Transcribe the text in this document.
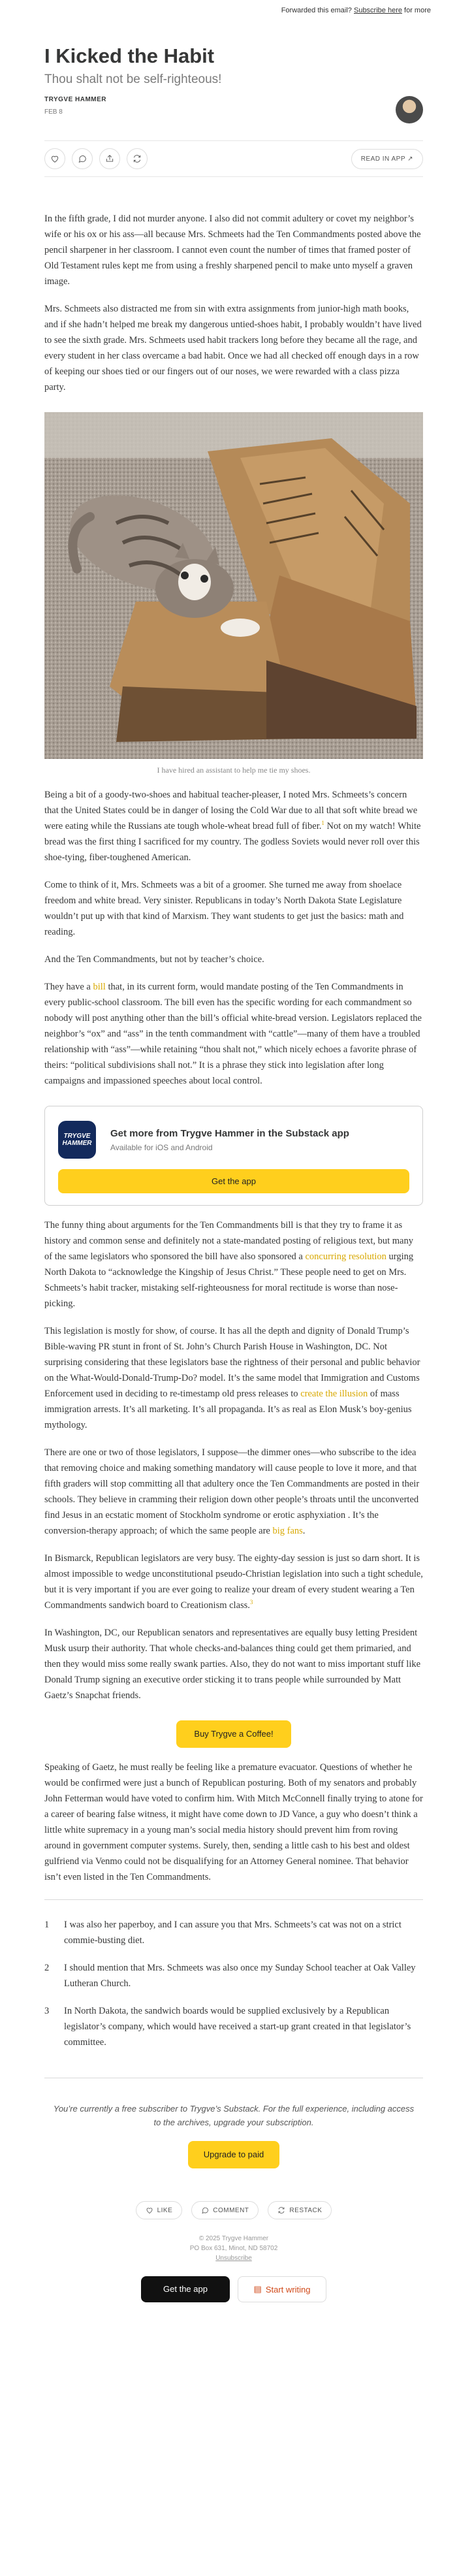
Forwarded this email? Subscribe here for more
I Kicked the Habit
Thou shalt not be self-righteous!
TRYGVE HAMMER
FEB 8
READ IN APP ↗

In the fifth grade, I did not murder anyone. I also did not commit adultery or covet my neighbor’s wife or his ox or his ass—all because Mrs. Schmeets had the Ten Commandments posted above the pencil sharpener in her classroom. I cannot even count the number of times that framed poster of Old Testament rules kept me from using a freshly sharpened pencil to make unto myself a graven image.

Mrs. Schmeets also distracted me from sin with extra assignments from junior-high math books, and if she hadn’t helped me break my dangerous untied-shoes habit, I probably wouldn’t have lived to see the sixth grade. Mrs. Schmeets used habit trackers long before they became all the rage, and every student in her class overcame a bad habit. Once we had all checked off enough days in a row of keeping our shoes tied or our fingers out of our noses, we were rewarded with a class pizza party.

I have hired an assistant to help me tie my shoes.

Being a bit of a goody-two-shoes and habitual teacher-pleaser, I noted Mrs. Schmeets’s concern that the United States could be in danger of losing the Cold War due to all that soft white bread we were eating while the Russians ate tough whole-wheat bread full of fiber.$^1$ Not on my watch! White bread was the first thing I sacrificed for my country. The godless Soviets would never roll over this shoe-tying, fiber-toughened American.

Come to think of it, Mrs. Schmeets was a bit of a groomer. She turned me away from shoelace freedom and white bread. Very sinister. Republicans in today’s North Dakota State Legislature wouldn’t put up with that kind of Marxism. They want students to get just the basics: math and reading.

And the Ten Commandments, but not by teacher’s choice.

They have a bill that, in its current form, would mandate posting of the Ten Commandments in every public-school classroom. The bill even has the specific wording for each commandment so nobody will post anything other than the bill’s official white-bread version. Legislators replaced the neighbor’s “ox” and “ass” in the tenth commandment with “cattle”—many of them have a troubled relationship with “ass”—while retaining “thou shalt not,” which nicely echoes a favorite phrase of theirs: “political subdivisions shall not.” It is a phrase they stick into legislation after long campaigns and impassioned speeches about local control.

TRYGVE HAMMER
Get more from Trygve Hammer in the Substack app
Available for iOS and Android
Get the app

The funny thing about arguments for the Ten Commandments bill is that they try to frame it as history and common sense and definitely not a state-mandated posting of religious text, but many of the same legislators who sponsored the bill have also sponsored a concurring resolution urging North Dakota to “acknowledge the Kingship of Jesus Christ.” These people need to get on Mrs. Schmeets’s habit tracker, mistaking self-righteousness for moral rectitude is worse than nose-picking.

This legislation is mostly for show, of course. It has all the depth and dignity of Donald Trump’s Bible-waving PR stunt in front of St. John’s Church Parish House in Washington, DC. Not surprising considering that these legislators base the rightness of their personal and public behavior on the What-Would-Donald-Trump-Do? model. It’s the same model that Immigration and Customs Enforcement used in deciding to re-timestamp old press releases to create the illusion of mass immigration arrests. It’s all marketing. It’s all propaganda. It’s as real as Elon Musk’s boy-genius mythology.

There are one or two of those legislators, I suppose—the dimmer ones—who subscribe to the idea that removing choice and making something mandatory will cause people to love it more, and that fifth graders will stop committing all that adultery once the Ten Commandments are posted in their schools. They believe in cramming their religion down other people’s throats until the unconverted find Jesus in an ecstatic moment of Stockholm syndrome or erotic asphyxiation . It’s the conversion-therapy approach; of which the same people are big fans.

In Bismarck, Republican legislators are very busy. The eighty-day session is just so darn short. It is almost impossible to wedge unconstitutional pseudo-Christian legislation into such a tight schedule, but it is very important if you are ever going to realize your dream of every student wearing a Ten Commandments sandwich board to Creationism class.$^3$

In Washington, DC, our Republican senators and representatives are equally busy letting President Musk usurp their authority. That whole checks-and-balances thing could get them primaried, and then they would miss some really swank parties. Also, they do not want to miss important stuff like Donald Trump signing an executive order sticking it to trans people while surrounded by Matt Gaetz’s Snapchat friends.

Buy Trygve a Coffee!

Speaking of Gaetz, he must really be feeling like a premature evacuator. Questions of whether he would be confirmed were just a bunch of Republican posturing. Both of my senators and probably John Fetterman would have voted to confirm him. With Mitch McConnell finally trying to atone for a career of bearing false witness, it might have come down to JD Vance, a guy who doesn’t think a little white supremacy in a young man’s social media history should prevent him from roving around in government computer systems. Surely, then, sending a little cash to his best and oldest gulfriend via Venmo could not be disqualifying for an Attorney General nominee. That behavior isn’t even listed in the Ten Commandments.

1	I was also her paperboy, and I can assure you that Mrs. Schmeets’s cat was not on a strict commie-busting diet.
2	I should mention that Mrs. Schmeets was also once my Sunday School teacher at Oak Valley Lutheran Church.
3	In North Dakota, the sandwich boards would be supplied exclusively by a Republican legislator’s company, which would have received a start-up grant created in that legislator’s committee.
You’re currently a free subscriber to Trygve’s Substack. For the full experience, including access to the archives, upgrade your subscription.
Upgrade to paid
LIKE	COMMENT	RESTACK
© 2025 Trygve Hammer
PO Box 631, Minot, ND 58702
Unsubscribe
Get the app	▤ Start writing
